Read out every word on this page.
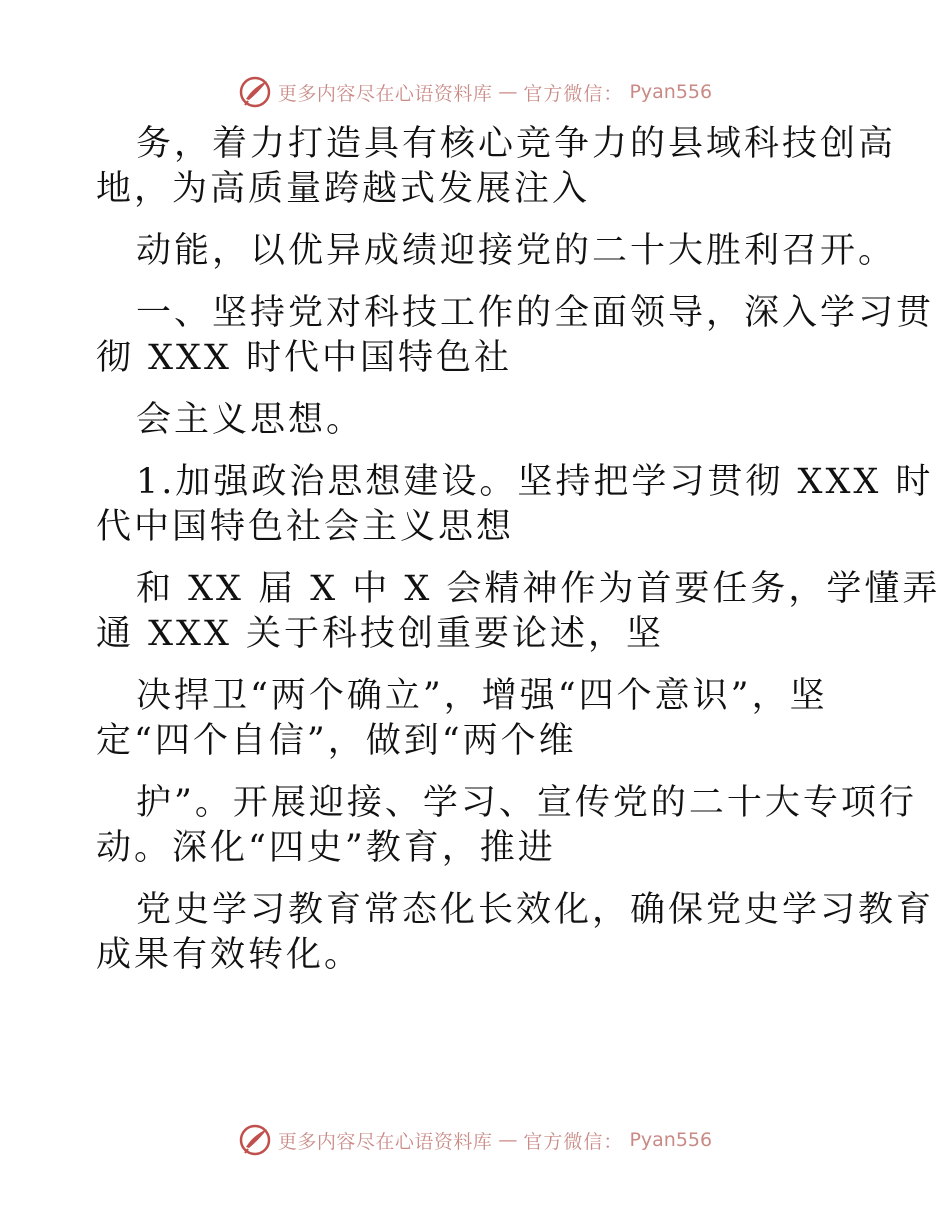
更多内容尽在心语资料库 — 官方微信： Pyan556
务，着力打造具有核心竞争力的县域科技创高
地，为高质量跨越式发展注入
动能，以优异成绩迎接党的二十大胜利召开。
一、坚持党对科技工作的全面领导，深入学习贯
彻 XXX 时代中国特色社
会主义思想。
1.加强政治思想建设。坚持把学习贯彻 XXX 时
代中国特色社会主义思想
和 XX 届 X 中 X 会精神作为首要任务，学懂弄
通 XXX 关于科技创重要论述，坚
决捍卫“两个确立”，增强“四个意识”，坚
定“四个自信”，做到“两个维
护”。开展迎接、学习、宣传党的二十大专项行
动。深化“四史”教育，推进
党史学习教育常态化长效化，确保党史学习教育
成果有效转化。
更多内容尽在心语资料库 — 官方微信： Pyan556
